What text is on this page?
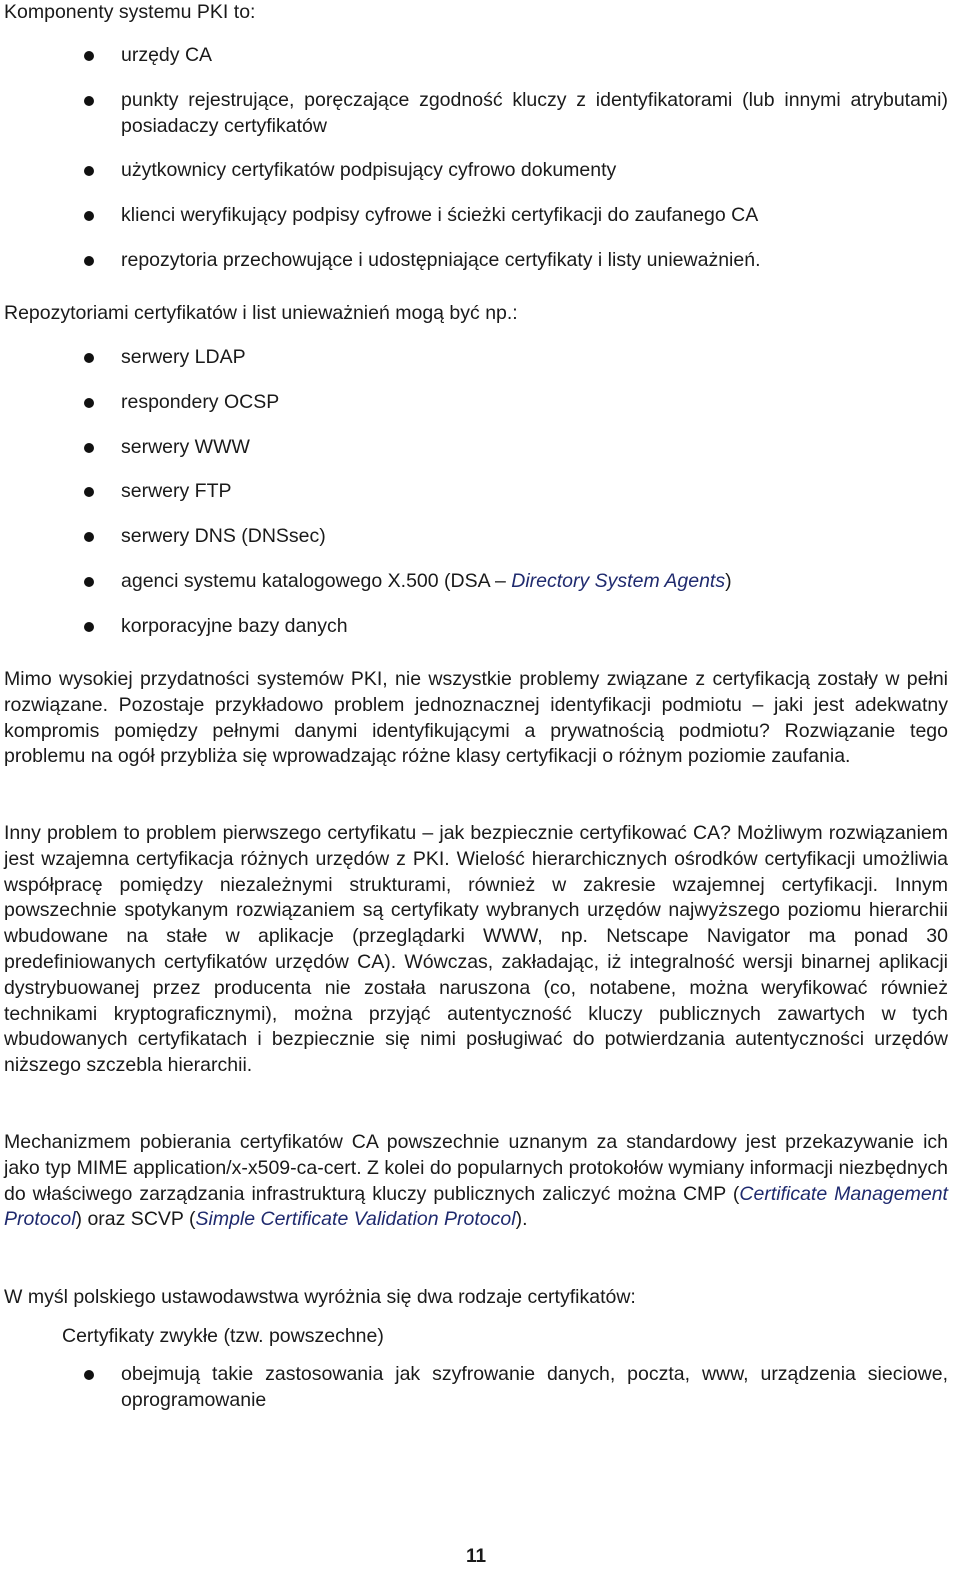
Komponenty systemu PKI to:

urzędy CA
punkty rejestrujące, poręczające zgodność kluczy z identyfikatorami (lub innymi atrybutami) posiadaczy certyfikatów
użytkownicy certyfikatów podpisujący cyfrowo dokumenty
klienci weryfikujący podpisy cyfrowe i ścieżki certyfikacji do zaufanego CA
repozytoria przechowujące i udostępniające certyfikaty i listy unieważnień.

Repozytoriami certyfikatów i list unieważnień mogą być np.:

serwery LDAP
respondery OCSP
serwery WWW
serwery FTP
serwery DNS (DNSsec)
agenci systemu katalogowego X.500 (DSA – Directory System Agents)
korporacyjne bazy danych

Mimo wysokiej przydatności systemów PKI, nie wszystkie problemy związane z certyfikacją zostały w pełni rozwiązane. Pozostaje przykładowo problem jednoznacznej identyfikacji podmiotu – jaki jest adekwatny kompromis pomiędzy pełnymi danymi identyfikującymi a prywatnością podmiotu? Rozwiązanie tego problemu na ogół przybliża się wprowadzając różne klasy certyfikacji o różnym poziomie zaufania.

Inny problem to problem pierwszego certyfikatu – jak bezpiecznie certyfikować CA? Możliwym rozwiązaniem jest wzajemna certyfikacja różnych urzędów z PKI. Wielość hierarchicznych ośrodków certyfikacji umożliwia współpracę pomiędzy niezależnymi strukturami, również w zakresie wzajemnej certyfikacji. Innym powszechnie spotykanym rozwiązaniem są certyfikaty wybranych urzędów najwyższego poziomu hierarchii wbudowane na stałe w aplikacje (przeglądarki WWW, np. Netscape Navigator ma ponad 30 predefiniowanych certyfikatów urzędów CA). Wówczas, zakładając, iż integralność wersji binarnej aplikacji dystrybuowanej przez producenta nie została naruszona (co, notabene, można weryfikować również technikami kryptograficznymi), można przyjąć autentyczność kluczy publicznych zawartych w tych wbudowanych certyfikatach i bezpiecznie się nimi posługiwać do potwierdzania autentyczności urzędów niższego szczebla hierarchii.

Mechanizmem pobierania certyfikatów CA powszechnie uznanym za standardowy jest przekazywanie ich jako typ MIME application/x-x509-ca-cert. Z kolei do popularnych protokołów wymiany informacji niezbędnych do właściwego zarządzania infrastrukturą kluczy publicznych zaliczyć można CMP (Certificate Management Protocol) oraz SCVP (Simple Certificate Validation Protocol).

W myśl polskiego ustawodawstwa wyróżnia się dwa rodzaje certyfikatów:

Certyfikaty zwykłe (tzw. powszechne)

obejmują takie zastosowania jak szyfrowanie danych, poczta, www, urządzenia sieciowe, oprogramowanie
11
